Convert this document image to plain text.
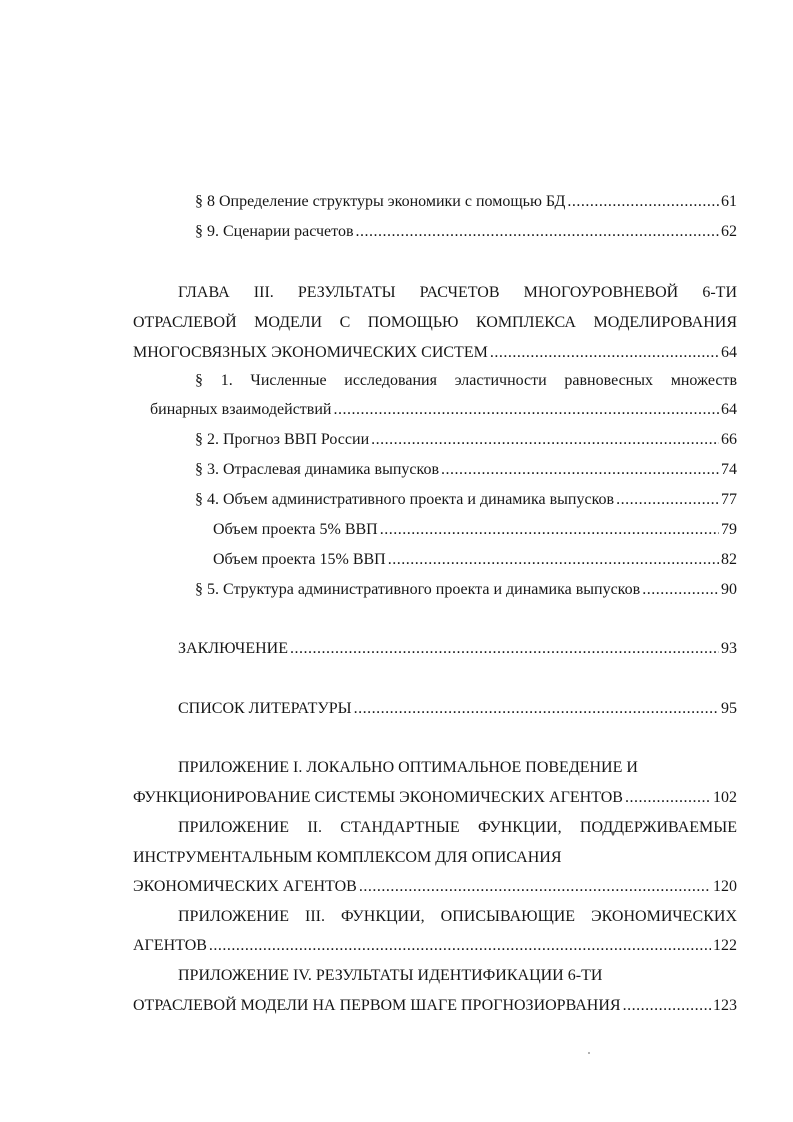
§ 8 Определение структуры экономики с помощью БД .....	61
§ 9. Сценарии расчетов .....	62
ГЛАВА III. РЕЗУЛЬТАТЫ РАСЧЕТОВ МНОГОУРОВНЕВОЙ 6-ТИ
ОТРАСЛЕВОЙ МОДЕЛИ С ПОМОЩЬЮ КОМПЛЕКСА МОДЕЛИРОВАНИЯ
МНОГОСВЯЗНЫХ ЭКОНОМИЧЕСКИХ СИСТЕМ .....	64
§ 1. Численные исследования эластичности равновесных множеств
бинарных взаимодействий .....	64
§ 2. Прогноз ВВП России .....	66
§ 3. Отраслевая динамика выпусков .....	74
§ 4. Объем административного проекта и динамика выпусков .....	77
Объем проекта 5% ВВП .....	79
Объем проекта 15% ВВП .....	82
§ 5. Структура административного проекта и динамика выпусков .....	90
ЗАКЛЮЧЕНИЕ .....	93
СПИСОК ЛИТЕРАТУРЫ .....	95
ПРИЛОЖЕНИЕ I. ЛОКАЛЬНО ОПТИМАЛЬНОЕ ПОВЕДЕНИЕ И
ФУНКЦИОНИРОВАНИЕ СИСТЕМЫ ЭКОНОМИЧЕСКИХ АГЕНТОВ .....	102
ПРИЛОЖЕНИЕ II. СТАНДАРТНЫЕ ФУНКЦИИ, ПОДДЕРЖИВАЕМЫЕ
ИНСТРУМЕНТАЛЬНЫМ КОМПЛЕКСОМ ДЛЯ ОПИСАНИЯ
ЭКОНОМИЧЕСКИХ АГЕНТОВ .....	120
ПРИЛОЖЕНИЕ III. ФУНКЦИИ, ОПИСЫВАЮЩИЕ ЭКОНОМИЧЕСКИХ
АГЕНТОВ .....	122
ПРИЛОЖЕНИЕ IV. РЕЗУЛЬТАТЫ ИДЕНТИФИКАЦИИ 6-ТИ
ОТРАСЛЕВОЙ МОДЕЛИ НА ПЕРВОМ ШАГЕ ПРОГНОЗИОРВАНИЯ .....	123
